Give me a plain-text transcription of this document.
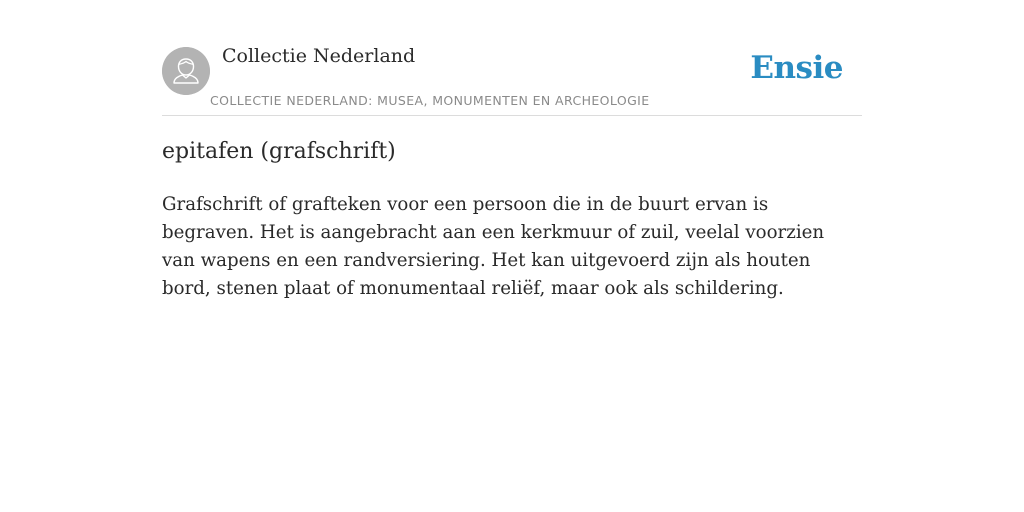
Collectie Nederland
COLLECTIE NEDERLAND: MUSEA, MONUMENTEN EN ARCHEOLOGIE
Ensie
epitafen (grafschrift)

Grafschrift of grafteken voor een persoon die in de buurt ervan is begraven. Het is aangebracht aan een kerkmuur of zuil, veelal voorzien van wapens en een randversiering. Het kan uitgevoerd zijn als houten bord, stenen plaat of monumentaal reliëf, maar ook als schildering.
